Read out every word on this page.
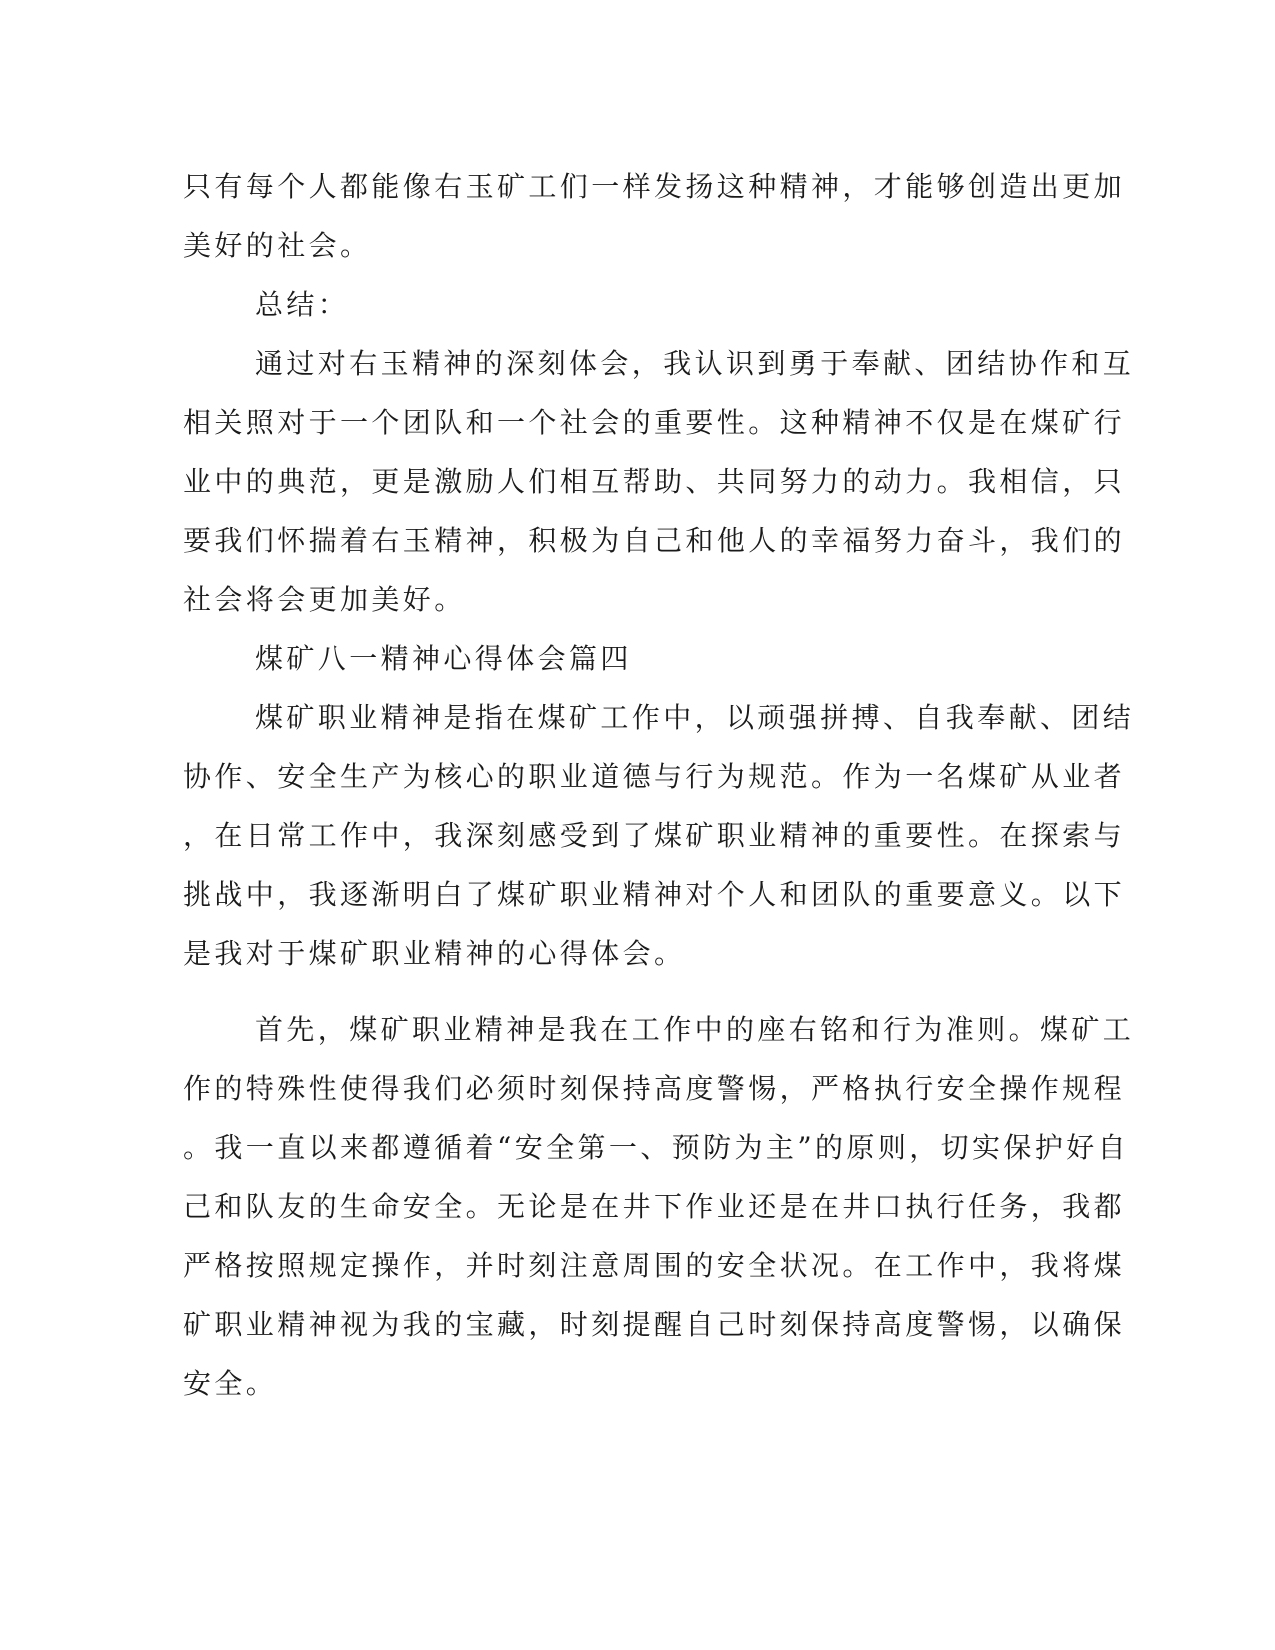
只有每个人都能像右玉矿工们一样发扬这种精神，才能够创造出更加
美好的社会。
总结：
通过对右玉精神的深刻体会，我认识到勇于奉献、团结协作和互
相关照对于一个团队和一个社会的重要性。这种精神不仅是在煤矿行
业中的典范，更是激励人们相互帮助、共同努力的动力。我相信，只
要我们怀揣着右玉精神，积极为自己和他人的幸福努力奋斗，我们的
社会将会更加美好。
煤矿八一精神心得体会篇四
煤矿职业精神是指在煤矿工作中，以顽强拼搏、自我奉献、团结
协作、安全生产为核心的职业道德与行为规范。作为一名煤矿从业者
，在日常工作中，我深刻感受到了煤矿职业精神的重要性。在探索与
挑战中，我逐渐明白了煤矿职业精神对个人和团队的重要意义。以下
是我对于煤矿职业精神的心得体会。
首先，煤矿职业精神是我在工作中的座右铭和行为准则。煤矿工
作的特殊性使得我们必须时刻保持高度警惕，严格执行安全操作规程
。我一直以来都遵循着“安全第一、预防为主”的原则，切实保护好自
己和队友的生命安全。无论是在井下作业还是在井口执行任务，我都
严格按照规定操作，并时刻注意周围的安全状况。在工作中，我将煤
矿职业精神视为我的宝藏，时刻提醒自己时刻保持高度警惕，以确保
安全。
